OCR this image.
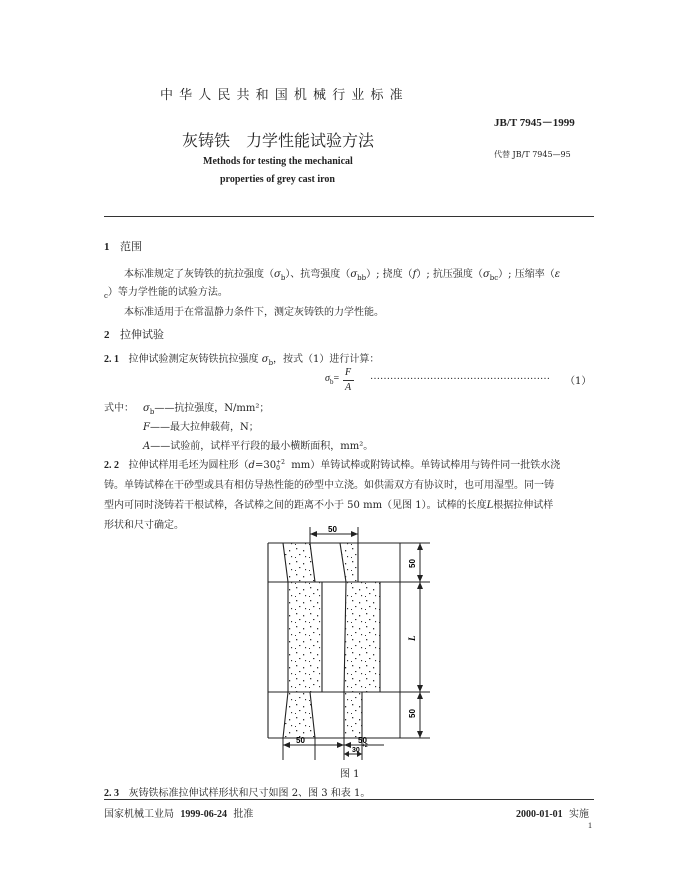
中 华 人 民 共 和 国 机 械 行 业 标 准
JB/T 7945－1999
灰铸铁　力学性能试验方法
代替 JB/T 7945—95
Methods for testing the mechanical
properties of grey cast iron
1 范围
本标准规定了灰铸铁的抗拉强度$(\sigma_b)$、抗弯强度$(\sigma_{bb})$; 挠度（f）; 抗压强度$(\sigma_{bc})$; 压缩率（ε
$_c$）等力学性能的试验方法。
本标准适用于在常温静力条件下，测定灰铸铁的力学性能。
2 拉伸试验
2. 1 拉伸试验测定灰铸铁抗拉强度 $\sigma_b$，按式（1）进行计算：
$\sigma_b=$
F
A
……………………………………………… （1）
式中： $\sigma_b——$抗拉强度，N/mm²；
F——最大拉伸载荷，N；
A——试验前，试样平行段的最小横断面积，mm²。
2. 2 拉伸试样用毛坯为圆柱形（d=30 +2
0	mm）单铸试棒或附铸试棒。单铸试棒用与铸件同一批铁水浇
铸。单铸试棒在干砂型或具有相仿导热性能的砂型中立浇。如供需双方有协议时，也可用湿型。同一铸
型内可同时浇铸若干根试棒，各试棒之间的距离不小于 50 mm（见图 1）。试棒的长度L根据拉伸试样
形状和尺寸确定。	50
50
L
50
50	50
30
+2
图 1
2. 3 灰铸铁标准拉伸试样形状和尺寸如图 2、图 3 和表 1。
国家机械工业局 1999-06-24 批准	2000-01-01 实施
1
